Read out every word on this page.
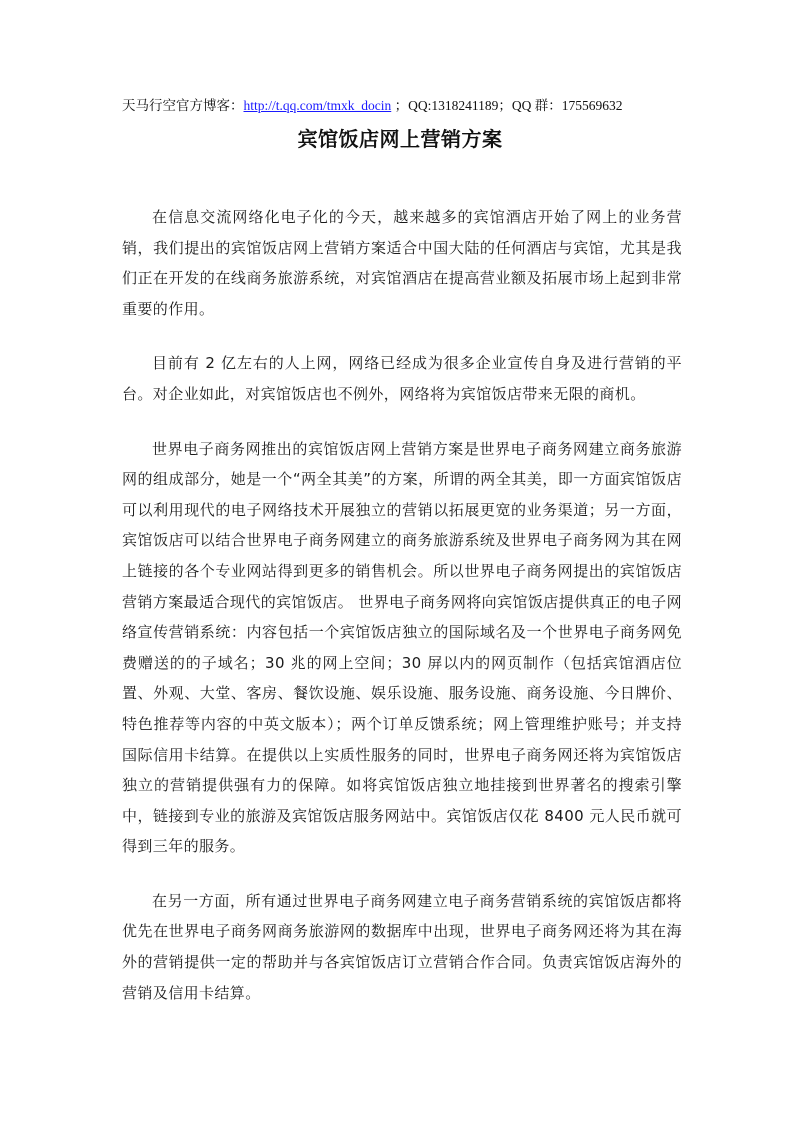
天马行空官方博客：http://t.qq.com/tmxk_docin ；QQ:1318241189；QQ 群：175569632
宾馆饭店网上营销方案

在信息交流网络化电子化的今天，越来越多的宾馆酒店开始了网上的业务营销，我们提出的宾馆饭店网上营销方案适合中国大陆的任何酒店与宾馆，尤其是我们正在开发的在线商务旅游系统，对宾馆酒店在提高营业额及拓展市场上起到非常重要的作用。

目前有 2 亿左右的人上网，网络已经成为很多企业宣传自身及进行营销的平台。对企业如此，对宾馆饭店也不例外，网络将为宾馆饭店带来无限的商机。

世界电子商务网推出的宾馆饭店网上营销方案是世界电子商务网建立商务旅游网的组成部分，她是一个“两全其美”的方案，所谓的两全其美，即一方面宾馆饭店可以利用现代的电子网络技术开展独立的营销以拓展更宽的业务渠道；另一方面，宾馆饭店可以结合世界电子商务网建立的商务旅游系统及世界电子商务网为其在网上链接的各个专业网站得到更多的销售机会。所以世界电子商务网提出的宾馆饭店营销方案最适合现代的宾馆饭店。 世界电子商务网将向宾馆饭店提供真正的电子网络宣传营销系统：内容包括一个宾馆饭店独立的国际域名及一个世界电子商务网免费赠送的的子域名；30 兆的网上空间；30 屏以内的网页制作（包括宾馆酒店位置、外观、大堂、客房、餐饮设施、娱乐设施、服务设施、商务设施、今日牌价、特色推荐等内容的中英文版本）；两个订单反馈系统；网上管理维护账号；并支持国际信用卡结算。在提供以上实质性服务的同时，世界电子商务网还将为宾馆饭店独立的营销提供强有力的保障。如将宾馆饭店独立地挂接到世界著名的搜索引擎中，链接到专业的旅游及宾馆饭店服务网站中。宾馆饭店仅花 8400 元人民币就可得到三年的服务。

在另一方面，所有通过世界电子商务网建立电子商务营销系统的宾馆饭店都将优先在世界电子商务网商务旅游网的数据库中出现，世界电子商务网还将为其在海外的营销提供一定的帮助并与各宾馆饭店订立营销合作合同。负责宾馆饭店海外的营销及信用卡结算。
